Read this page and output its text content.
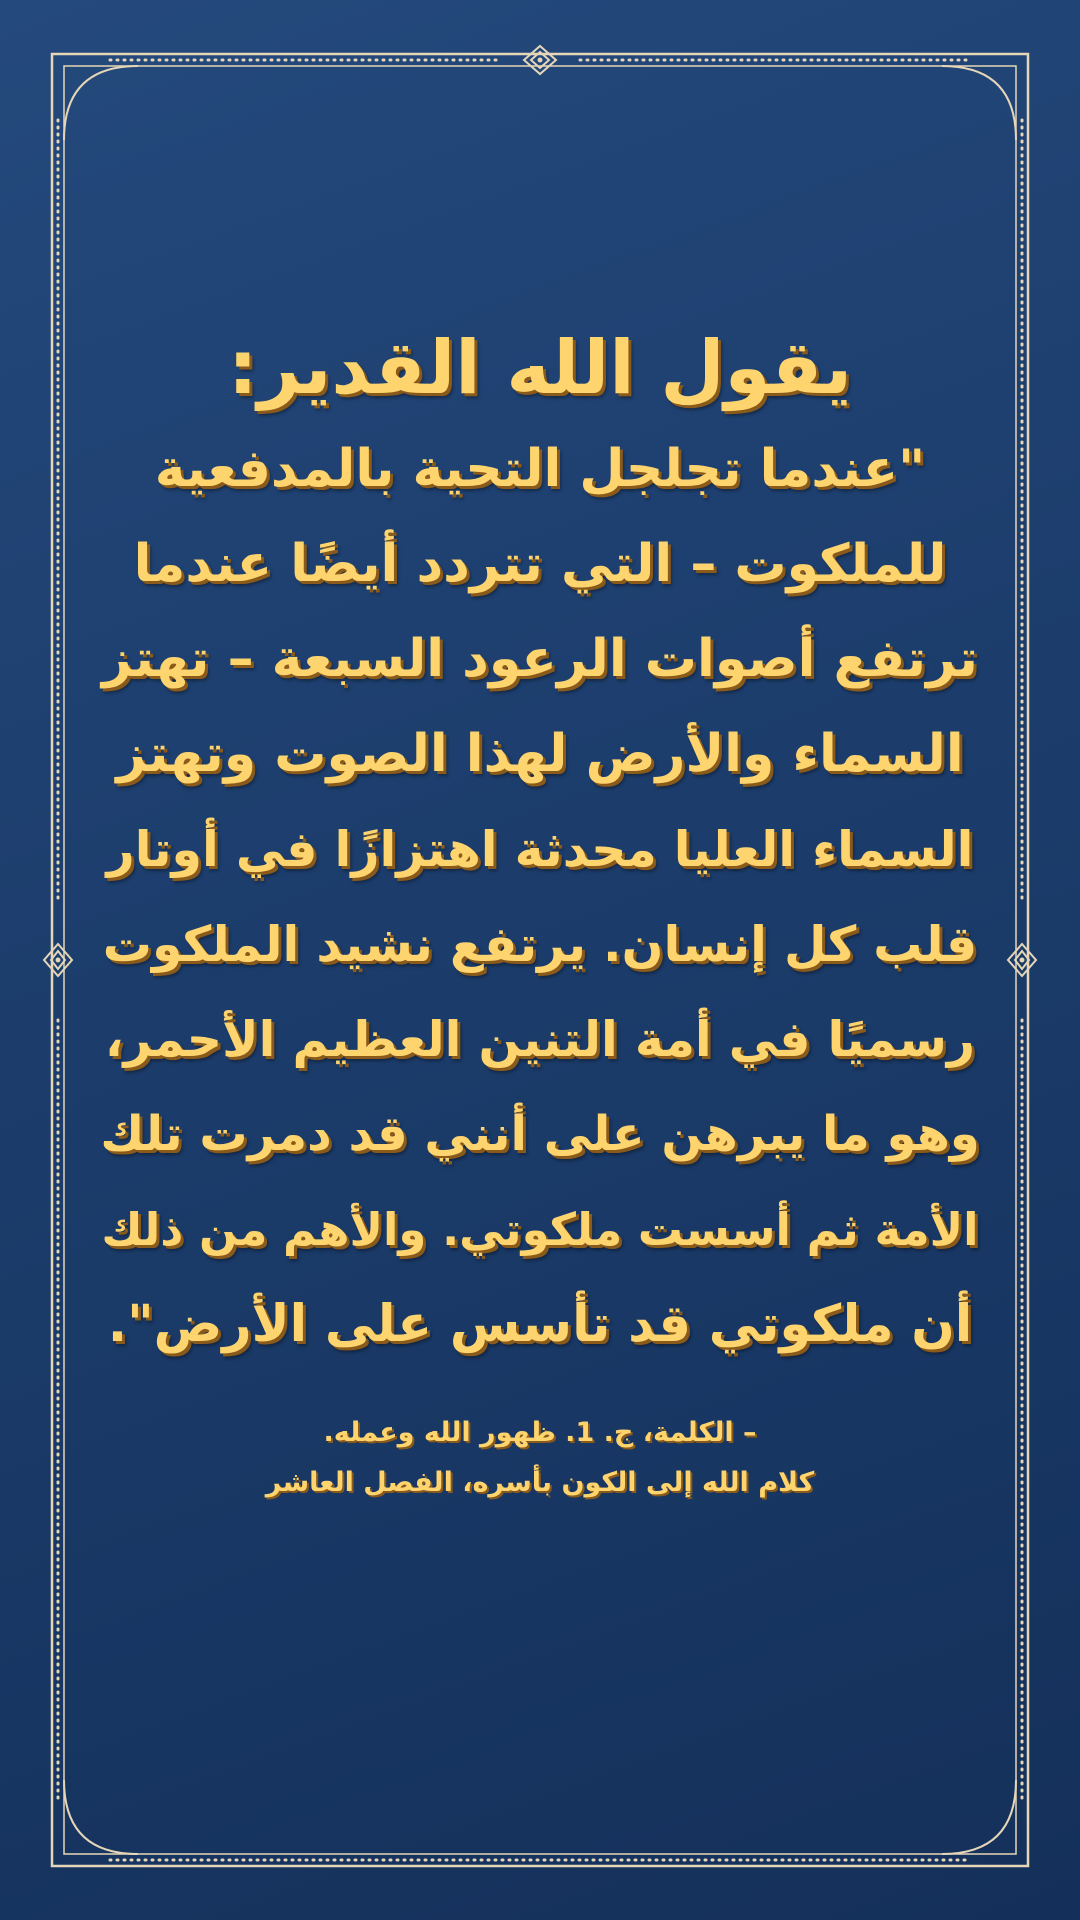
يقول الله القدير:
"عندما تجلجل التحية بالمدفعية
للملكوت – التي تتردد أيضًا عندما
ترتفع أصوات الرعود السبعة – تهتز
السماء والأرض لهذا الصوت وتهتز
السماء العليا محدثة اهتزازًا في أوتار
قلب كل إنسان. يرتفع نشيد الملكوت
رسميًا في أمة التنين العظيم الأحمر،
وهو ما يبرهن على أنني قد دمرت تلك
الأمة ثم أسست ملكوتي. والأهم من ذلك
أن ملكوتي قد تأسس على الأرض".
– الكلمة، ج. 1. ظهور الله وعمله.
كلام الله إلى الكون بأسره، الفصل العاشر
